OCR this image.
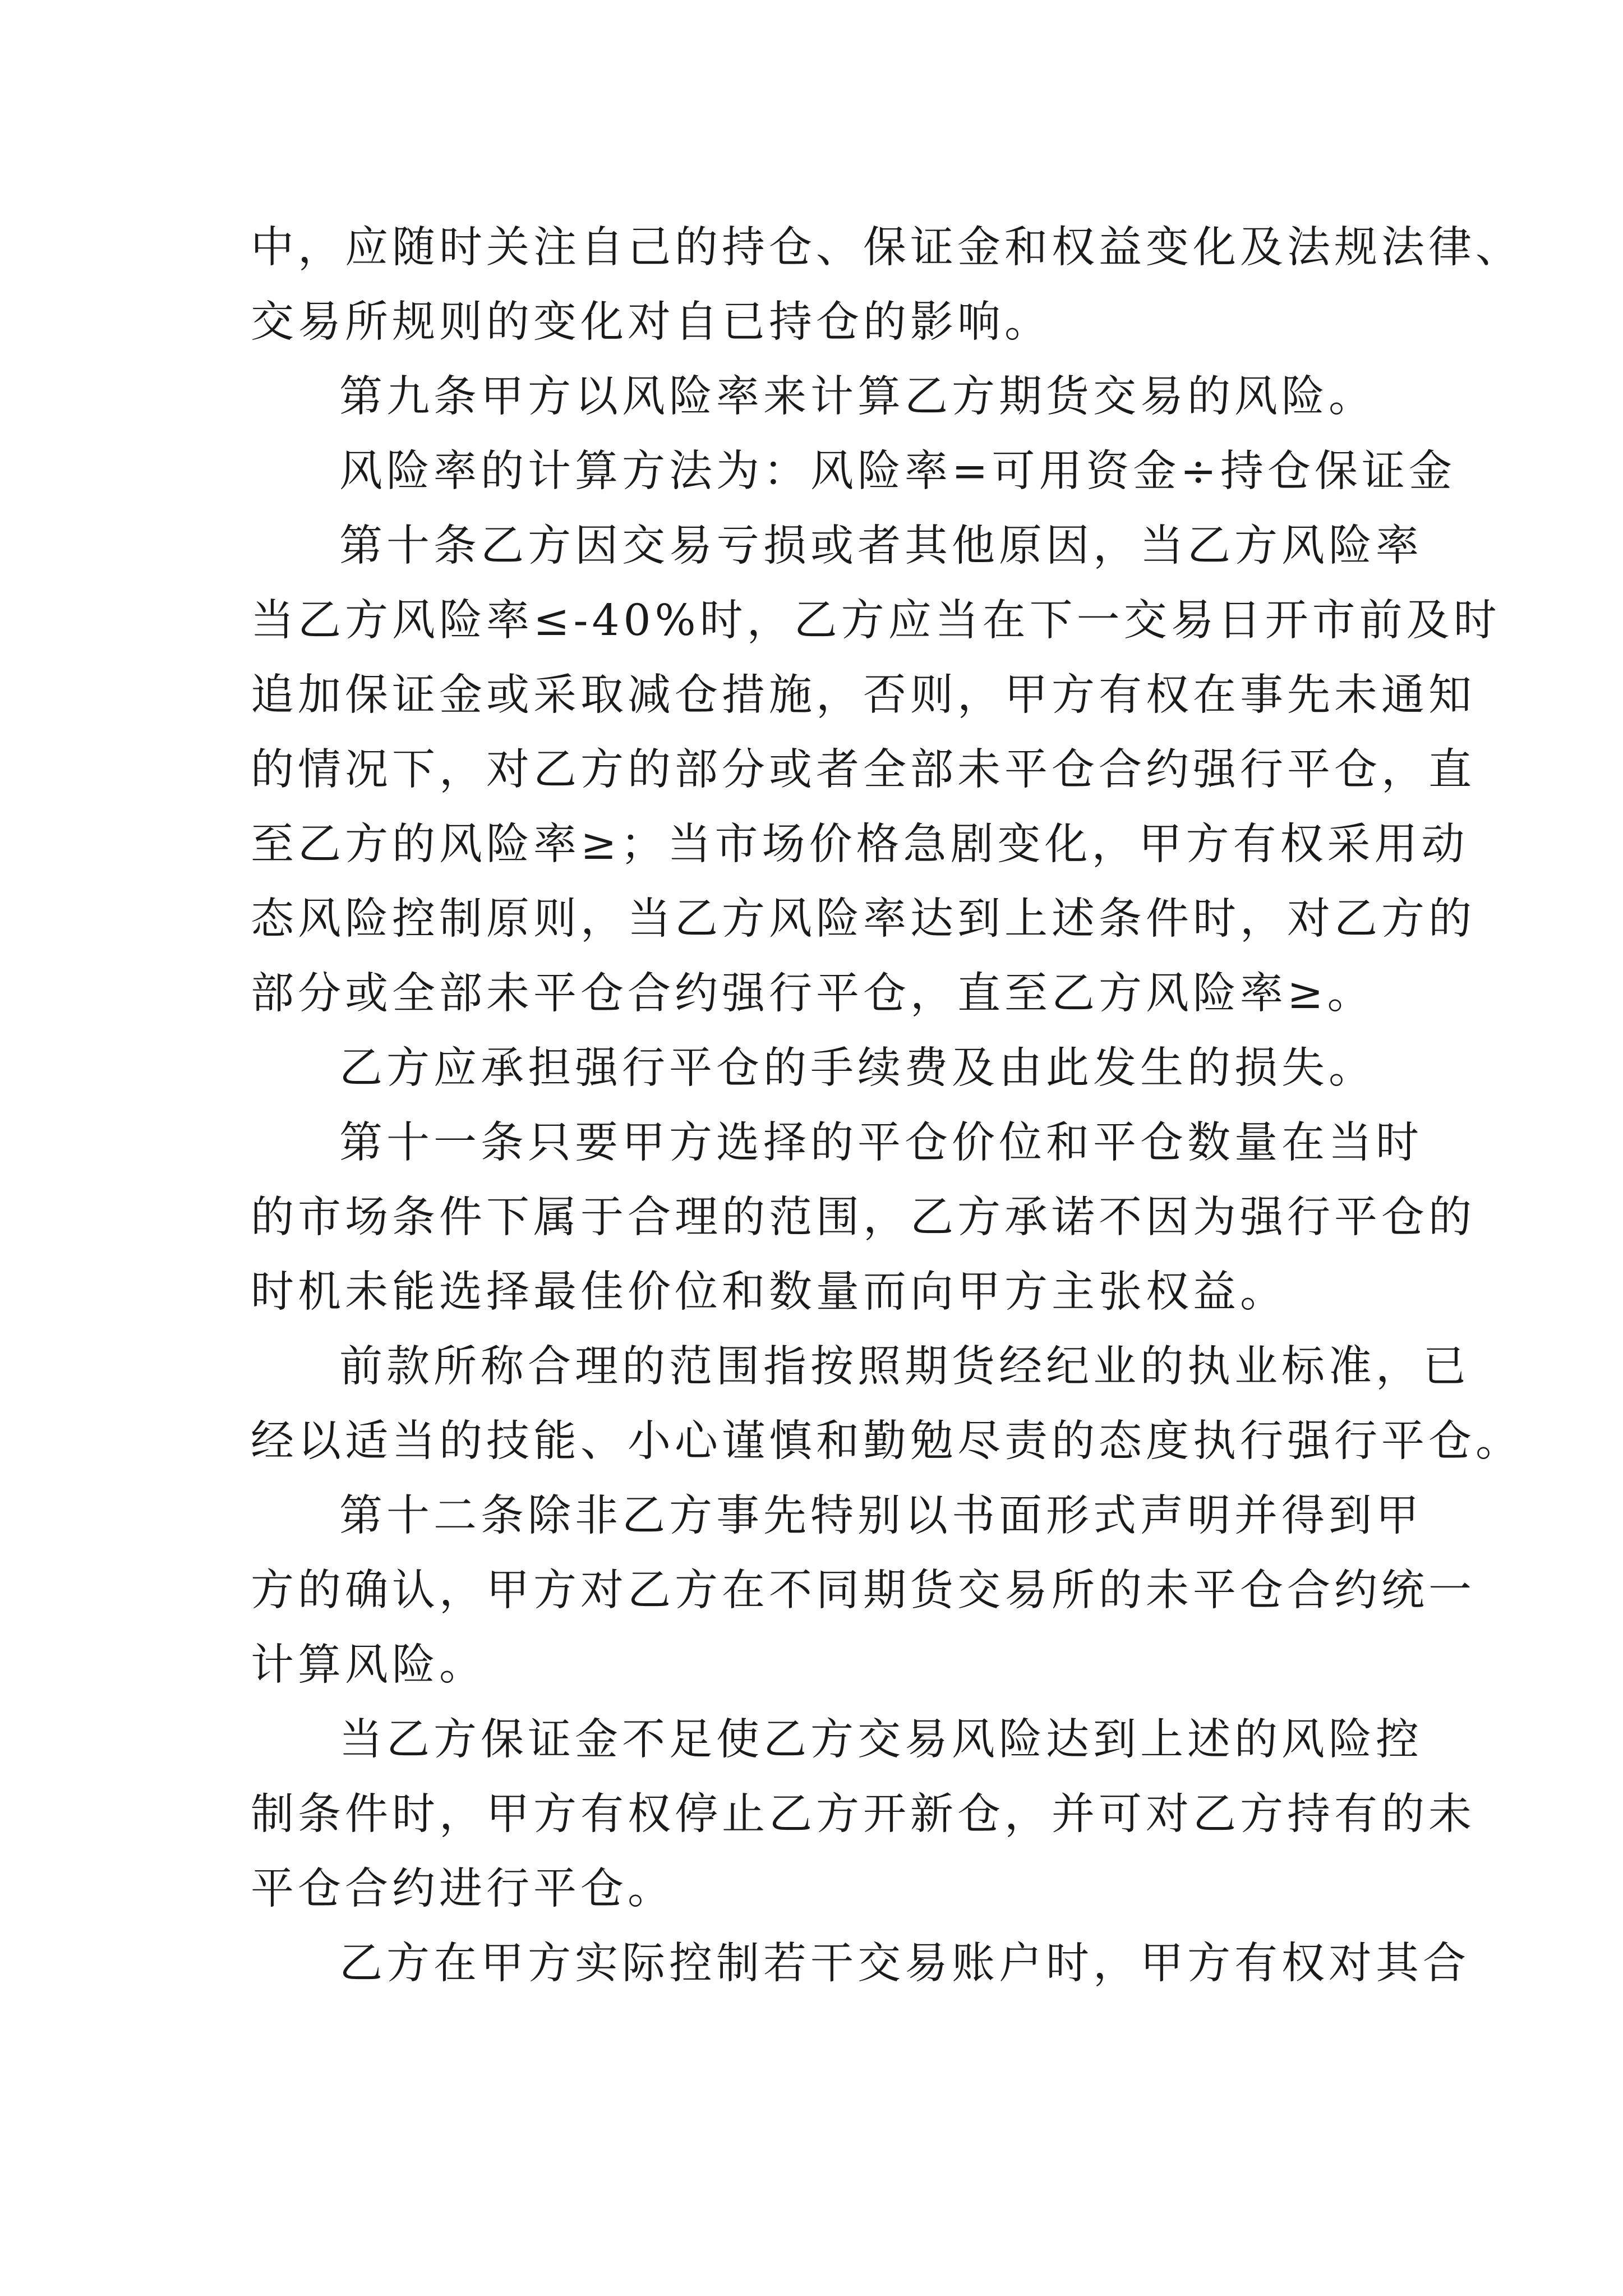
中，应随时关注自己的持仓、保证金和权益变化及法规法律、
交易所规则的变化对自已持仓的影响。
第九条甲方以风险率来计算乙方期货交易的风险。
风险率的计算方法为：风险率=可用资金÷持仓保证金
第十条乙方因交易亏损或者其他原因，当乙方风险率
当乙方风险率≤-40%时，乙方应当在下一交易日开市前及时
追加保证金或采取减仓措施，否则，甲方有权在事先未通知
的情况下，对乙方的部分或者全部未平仓合约强行平仓，直
至乙方的风险率≥；当市场价格急剧变化，甲方有权采用动
态风险控制原则，当乙方风险率达到上述条件时，对乙方的
部分或全部未平仓合约强行平仓，直至乙方风险率≥。
乙方应承担强行平仓的手续费及由此发生的损失。
第十一条只要甲方选择的平仓价位和平仓数量在当时
的市场条件下属于合理的范围，乙方承诺不因为强行平仓的
时机未能选择最佳价位和数量而向甲方主张权益。
前款所称合理的范围指按照期货经纪业的执业标准，已
经以适当的技能、小心谨慎和勤勉尽责的态度执行强行平仓。
第十二条除非乙方事先特别以书面形式声明并得到甲
方的确认，甲方对乙方在不同期货交易所的未平仓合约统一
计算风险。
当乙方保证金不足使乙方交易风险达到上述的风险控
制条件时，甲方有权停止乙方开新仓，并可对乙方持有的未
平仓合约进行平仓。
乙方在甲方实际控制若干交易账户时，甲方有权对其合
